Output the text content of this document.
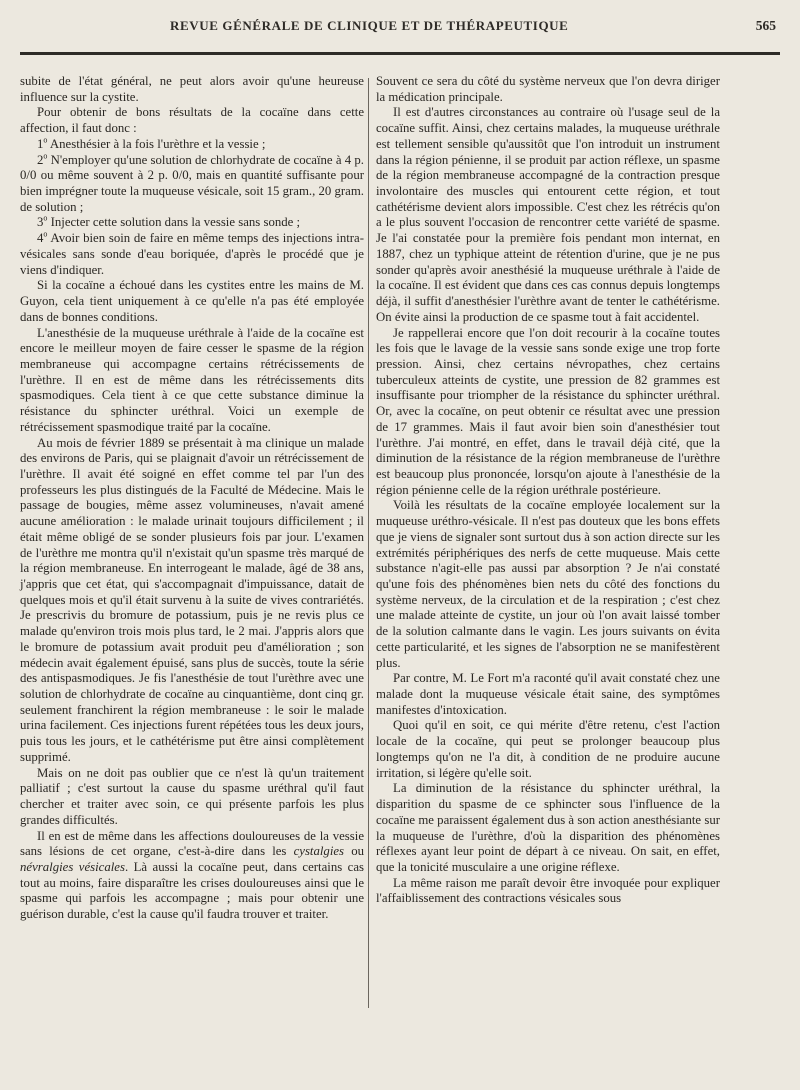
REVUE GÉNÉRALE DE CLINIQUE ET DE THÉRAPEUTIQUE	565

subite de l'état général, ne peut alors avoir qu'une heureuse influence sur la cystite.

Pour obtenir de bons résultats de la cocaïne dans cette affection, il faut donc :

1$^o$ Anesthésier à la fois l'urèthre et la vessie ;

2$^o$ N'employer qu'une solution de chlorhydrate de cocaïne à 4 p. 0/0 ou même souvent à 2 p. 0/0, mais en quantité suffisante pour bien imprégner toute la muqueuse vésicale, soit 15 gram., 20 gram. de solution ;

3$^o$ Injecter cette solution dans la vessie sans sonde ;

4$^o$ Avoir bien soin de faire en même temps des injections intra-vésicales sans sonde d'eau boriquée, d'après le procédé que je viens d'indiquer.

Si la cocaïne a échoué dans les cystites entre les mains de M. Guyon, cela tient uniquement à ce qu'elle n'a pas été employée dans de bonnes conditions.

L'anesthésie de la muqueuse uréthrale à l'aide de la cocaïne est encore le meilleur moyen de faire cesser le spasme de la région membraneuse qui accompagne certains rétrécissements de l'urèthre. Il en est de même dans les rétrécissements dits spasmodiques. Cela tient à ce que cette substance diminue la résistance du sphincter uréthral. Voici un exemple de rétrécissement spasmodique traité par la cocaïne.

Au mois de février 1889 se présentait à ma clinique un malade des environs de Paris, qui se plaignait d'avoir un rétrécissement de l'urèthre. Il avait été soigné en effet comme tel par l'un des professeurs les plus distingués de la Faculté de Médecine. Mais le passage de bougies, même assez volumineuses, n'avait amené aucune amélioration : le malade urinait toujours difficilement ; il était même obligé de se sonder plusieurs fois par jour. L'examen de l'urèthre me montra qu'il n'existait qu'un spasme très marqué de la région membraneuse. En interrogeant le malade, âgé de 38 ans, j'appris que cet état, qui s'accompagnait d'impuissance, datait de quelques mois et qu'il était survenu à la suite de vives contrariétés. Je prescrivis du bromure de potassium, puis je ne revis plus ce malade qu'environ trois mois plus tard, le 2 mai. J'appris alors que le bromure de potassium avait produit peu d'amélioration ; son médecin avait également épuisé, sans plus de succès, toute la série des antispasmodiques. Je fis l'anesthésie de tout l'urèthre avec une solution de chlorhydrate de cocaïne au cinquantième, dont cinq gr. seulement franchirent la région membraneuse : le soir le malade urina facilement. Ces injections furent répétées tous les deux jours, puis tous les jours, et le cathétérisme put être ainsi complètement supprimé.

Mais on ne doit pas oublier que ce n'est là qu'un traitement palliatif ; c'est surtout la cause du spasme uréthral qu'il faut chercher et traiter avec soin, ce qui présente parfois les plus grandes difficultés.

Il en est de même dans les affections douloureuses de la vessie sans lésions de cet organe, c'est-à-dire dans les cystalgies ou névralgies vésicales. Là aussi la cocaïne peut, dans certains cas tout au moins, faire disparaître les crises douloureuses ainsi que le spasme qui parfois les accompagne ; mais pour obtenir une guérison durable, c'est la cause qu'il faudra trouver et traiter.

Souvent ce sera du côté du système nerveux que l'on devra diriger la médication principale.

Il est d'autres circonstances au contraire où l'usage seul de la cocaïne suffit. Ainsi, chez certains malades, la muqueuse uréthrale est tellement sensible qu'aussitôt que l'on introduit un instrument dans la région pénienne, il se produit par action réflexe, un spasme de la région membraneuse accompagné de la contraction presque involontaire des muscles qui entourent cette région, et tout cathétérisme devient alors impossible. C'est chez les rétrécis qu'on a le plus souvent l'occasion de rencontrer cette variété de spasme. Je l'ai constatée pour la première fois pendant mon internat, en 1887, chez un typhique atteint de rétention d'urine, que je ne pus sonder qu'après avoir anesthésié la muqueuse uréthrale à l'aide de la cocaïne. Il est évident que dans ces cas connus depuis longtemps déjà, il suffit d'anesthésier l'urèthre avant de tenter le cathétérisme. On évite ainsi la production de ce spasme tout à fait accidentel.

Je rappellerai encore que l'on doit recourir à la cocaïne toutes les fois que le lavage de la vessie sans sonde exige une trop forte pression. Ainsi, chez certains névropathes, chez certains tuberculeux atteints de cystite, une pression de 82 grammes est insuffisante pour triompher de la résistance du sphincter uréthral. Or, avec la cocaïne, on peut obtenir ce résultat avec une pression de 17 grammes. Mais il faut avoir bien soin d'anesthésier tout l'urèthre. J'ai montré, en effet, dans le travail déjà cité, que la diminution de la résistance de la région membraneuse de l'urèthre est beaucoup plus prononcée, lorsqu'on ajoute à l'anesthésie de la région pénienne celle de la région uréthrale postérieure.

Voilà les résultats de la cocaïne employée localement sur la muqueuse uréthro-vésicale. Il n'est pas douteux que les bons effets que je viens de signaler sont surtout dus à son action directe sur les extrémités périphériques des nerfs de cette muqueuse. Mais cette substance n'agit-elle pas aussi par absorption ? Je n'ai constaté qu'une fois des phénomènes bien nets du côté des fonctions du système nerveux, de la circulation et de la respiration ; c'est chez une malade atteinte de cystite, un jour où l'on avait laissé tomber de la solution calmante dans le vagin. Les jours suivants on évita cette particularité, et les signes de l'absorption ne se manifestèrent plus.

Par contre, M. Le Fort m'a raconté qu'il avait constaté chez une malade dont la muqueuse vésicale était saine, des symptômes manifestes d'intoxication.

Quoi qu'il en soit, ce qui mérite d'être retenu, c'est l'action locale de la cocaïne, qui peut se prolonger beaucoup plus longtemps qu'on ne l'a dit, à condition de ne produire aucune irritation, si légère qu'elle soit.

La diminution de la résistance du sphincter uréthral, la disparition du spasme de ce sphincter sous l'influence de la cocaïne me paraissent également dus à son action anesthésiante sur la muqueuse de l'urèthre, d'où la disparition des phénomènes réflexes ayant leur point de départ à ce niveau. On sait, en effet, que la tonicité musculaire a une origine réflexe.

La même raison me paraît devoir être invoquée pour expliquer l'affaiblissement des contractions vésicales sous
